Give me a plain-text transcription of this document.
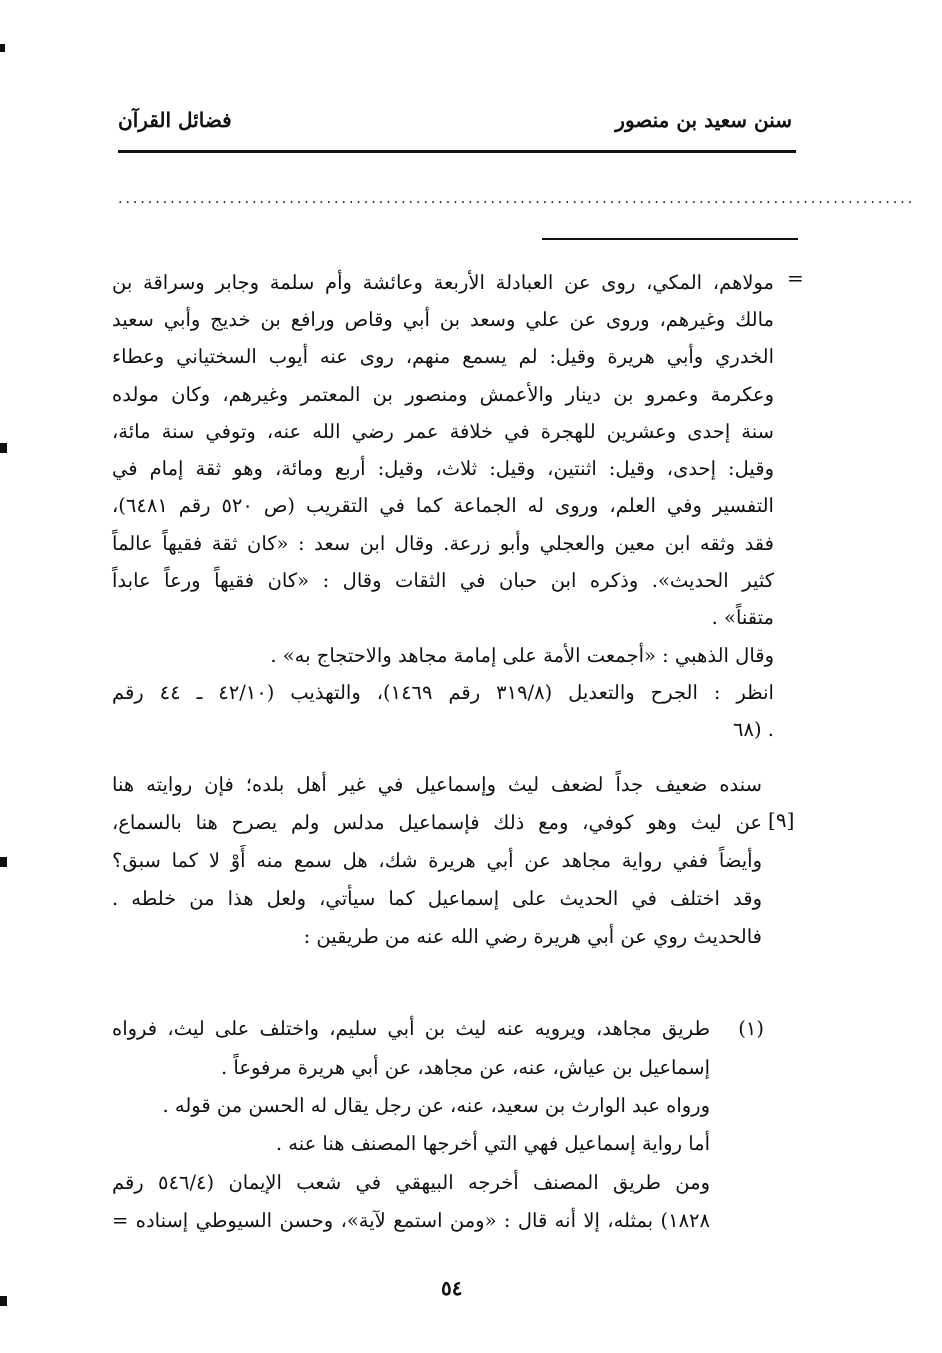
سنن سعيد بن منصور
فضائل القرآن
...........................................................................................................
=
مولاهم، المكي، روى عن العبادلة الأربعة وعائشة وأم سلمة وجابر وسراقة بن
مالك وغيرهم، وروى عن علي وسعد بن أبي وقاص ورافع بن خديج وأبي سعيد
الخدري وأبي هريرة وقيل: لم يسمع منهم، روى عنه أيوب السختياني وعطاء
وعكرمة وعمرو بن دينار والأعمش ومنصور بن المعتمر وغيرهم، وكان مولده
سنة إحدى وعشرين للهجرة في خلافة عمر رضي الله عنه، وتوفي سنة مائة،
وقيل: إحدى، وقيل: اثنتين، وقيل: ثلاث، وقيل: أربع ومائة، وهو ثقة إمام في
التفسير وفي العلم، وروى له الجماعة كما في التقريب (ص ٥٢٠ رقم ٦٤٨١)،
فقد وثقه ابن معين والعجلي وأبو زرعة. وقال ابن سعد : «كان ثقة فقيهاً عالماً
كثير الحديث». وذكره ابن حبان في الثقات وقال : «كان فقيهاً ورعاً عابداً
متقناً» .
وقال الذهبي : «أجمعت الأمة على إمامة مجاهد والاحتجاج به» .
انظر : الجرح والتعديل (٣١٩/٨ رقم ١٤٦٩)، والتهذيب (٤٢/١٠ ـ ٤٤ رقم
٦٨) .
[٩]
سنده ضعيف جداً لضعف ليث وإسماعيل في غير أهل بلده؛ فإن روايته هنا
عن ليث وهو كوفي، ومع ذلك فإسماعيل مدلس ولم يصرح هنا بالسماع،
وأيضاً ففي رواية مجاهد عن أبي هريرة شك، هل سمع منه أَوْ لا كما سبق؟
وقد اختلف في الحديث على إسماعيل كما سيأتي، ولعل هذا من خلطه .
فالحديث روي عن أبي هريرة رضي الله عنه من طريقين :
(١)
طريق مجاهد، ويرويه عنه ليث بن أبي سليم، واختلف على ليث، فرواه
إسماعيل بن عياش، عنه، عن مجاهد، عن أبي هريرة مرفوعاً .
ورواه عبد الوارث بن سعيد، عنه، عن رجل يقال له الحسن من قوله .
أما رواية إسماعيل فهي التي أخرجها المصنف هنا عنه .
ومن طريق المصنف أخرجه البيهقي في شعب الإيمان (٥٤٦/٤ رقم
١٨٢٨) بمثله، إلا أنه قال : «ومن استمع لآية»، وحسن السيوطي إسناده =
٥٤
